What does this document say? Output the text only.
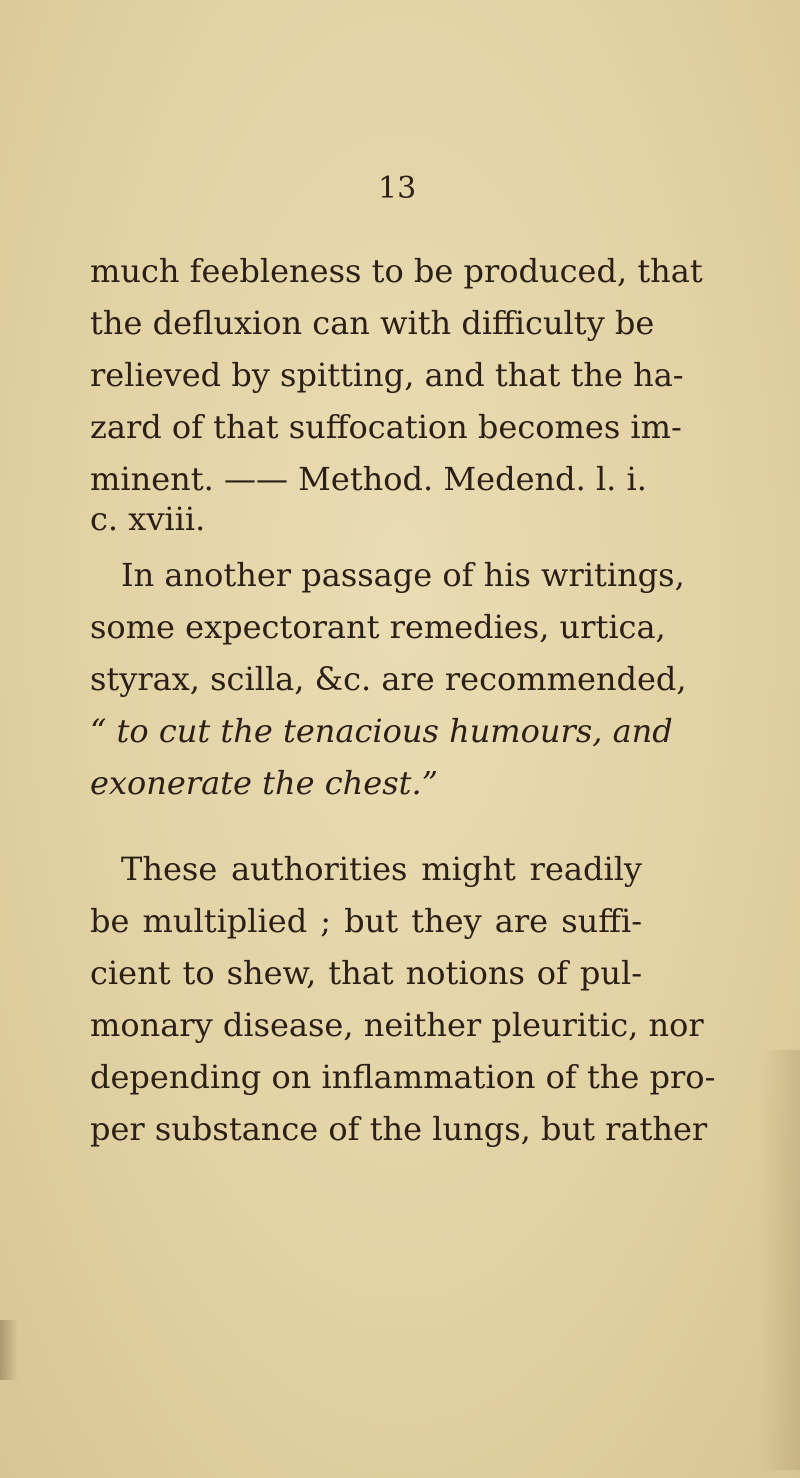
13
much feebleness to be produced, that
the defluxion can with difficulty be
relieved by spitting, and that the ha-
zard of that suffocation becomes im-
minent. —— Method. Medend. l. i.
c. xviii.
In another passage of his writings,
some expectorant remedies, urtica,
styrax, scilla, &c. are recommended,
“ to cut the tenacious humours, and
exonerate the chest.”
These authorities might readily
be multiplied ; but they are suffi-
cient to shew, that notions of pul-
monary disease, neither pleuritic, nor
depending on inflammation of the pro-
per substance of the lungs, but rather
